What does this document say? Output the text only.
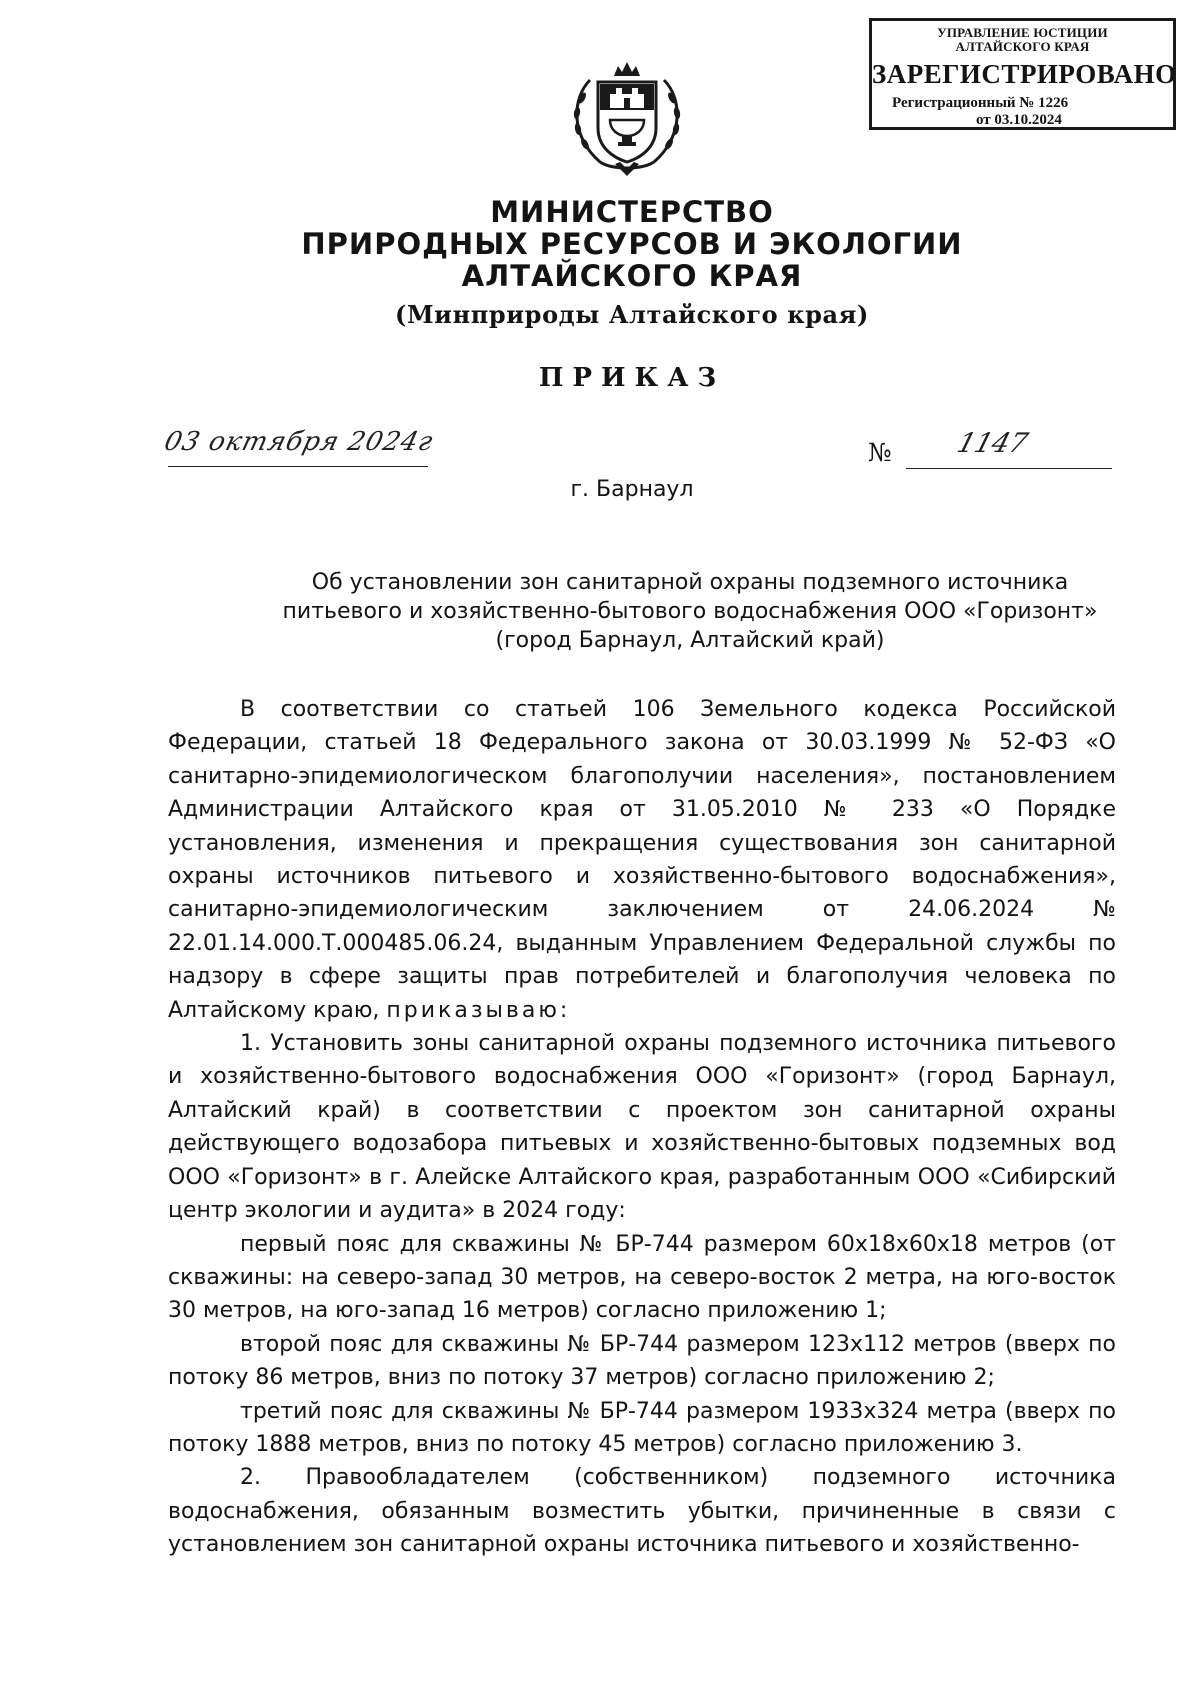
УПРАВЛЕНИЕ ЮСТИЦИИ
АЛТАЙСКОГО КРАЯ
ЗАРЕГИСТРИРОВАНО
Регистрационный № 1226
от 03.10.2024
МИНИСТЕРСТВО
ПРИРОДНЫХ РЕСУРСОВ И ЭКОЛОГИИ
АЛТАЙСКОГО КРАЯ
(Минприроды Алтайского края)
ПРИКАЗ
03 октября 2024г	№ 1147
г. Барнаул
Об установлении зон санитарной охраны подземного источника
питьевого и хозяйственно-бытового водоснабжения ООО «Горизонт»
(город Барнаул, Алтайский край)

В соответствии со статьей 106 Земельного кодекса Российской Федерации, статьей 18 Федерального закона от 30.03.1999 № 52-ФЗ «О санитарно-эпидемиологическом благополучии населения», постановлением Администрации Алтайского края от 31.05.2010 № 233 «О Порядке установления, изменения и прекращения существования зон санитарной охраны источников питьевого и хозяйственно-бытового водоснабжения», санитарно-эпидемиологическим заключением от 24.06.2024 № 22.01.14.000.Т.000485.06.24, выданным Управлением Федеральной службы по надзору в сфере защиты прав потребителей и благополучия человека по Алтайскому краю, приказываю:

1. Установить зоны санитарной охраны подземного источника питьевого и хозяйственно-бытового водоснабжения ООО «Горизонт» (город Барнаул, Алтайский край) в соответствии с проектом зон санитарной охраны действующего водозабора питьевых и хозяйственно-бытовых подземных вод ООО «Горизонт» в г. Алейске Алтайского края, разработанным ООО «Сибирский центр экологии и аудита» в 2024 году:

первый пояс для скважины № БР-744 размером 60х18х60х18 метров (от скважины: на северо-запад 30 метров, на северо-восток 2 метра, на юго-восток 30 метров, на юго-запад 16 метров) согласно приложению 1;

второй пояс для скважины № БР-744 размером 123х112 метров (вверх по потоку 86 метров, вниз по потоку 37 метров) согласно приложению 2;

третий пояс для скважины № БР-744 размером 1933х324 метра (вверх по потоку 1888 метров, вниз по потоку 45 метров) согласно приложению 3.

2. Правообладателем (собственником) подземного источника водоснабжения, обязанным возместить убытки, причиненные в связи с установлением зон санитарной охраны источника питьевого и хозяйственно-
